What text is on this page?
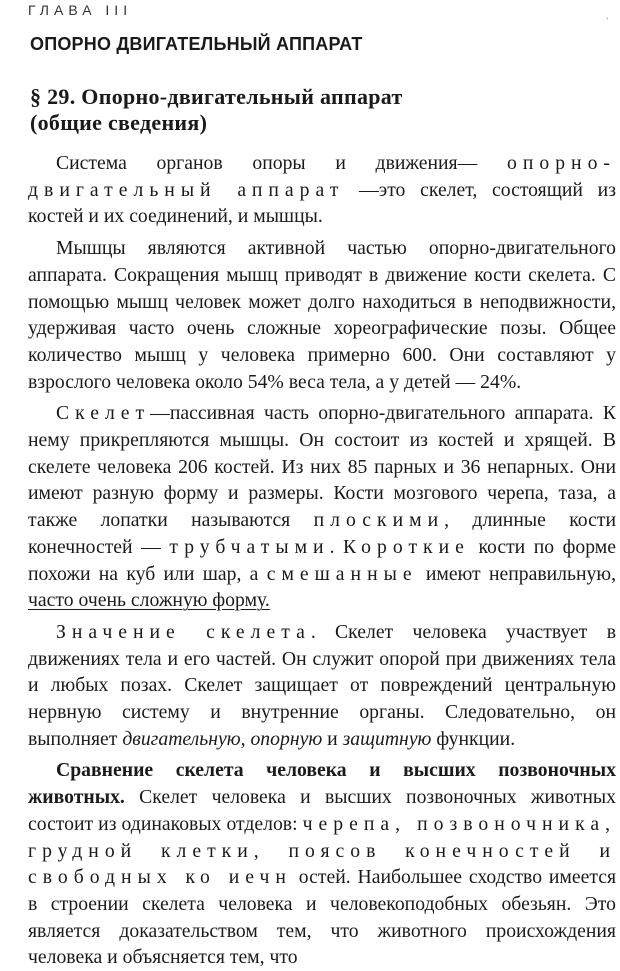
ГЛАВА III
'
ОПОРНО ДВИГАТЕЛЬНЫЙ АППАРАТ
§ 29. Опорно-двигательный аппарат
(общие сведения)

Система органов опоры и движения— опорно-двигательный аппарат —это скелет, состоящий из костей и их соединений, и мышцы.

Мышцы являются активной частью опорно-двигательного аппарата. Сокращения мышц приводят в движение кости скелета. С помощью мышц человек может долго находиться в неподвижности, удерживая часто очень сложные хореографические позы. Общее количество мышц у человека примерно 600. Они составляют у взрослого человека около 54% веса тела, а у детей — 24%.

Скелет—пассивная часть опорно-двигательного аппарата. К нему прикрепляются мышцы. Он состоит из костей и хрящей. В скелете человека 206 костей. Из них 85 парных и 36 непарных. Они имеют разную форму и размеры. Кости мозгового черепа, таза, а также лопатки называются плоскими, длинные кости конечностей — трубчатыми. Короткие кости по форме похожи на куб или шар, а смешанные имеют неправильную, часто очень сложную форму.

Значение скелета. Скелет человека участвует в движениях тела и его частей. Он служит опорой при движениях тела и любых позах. Скелет защищает от повреждений центральную нервную систему и внутренние органы. Следовательно, он выполняет двигательную, опорную и защитную функции.

Сравнение скелета человека и высших позвоночных животных. Скелет человека и высших позвоночных животных состоит из одинаковых отделов: черепа, позвоночника, грудной клетки, поясов конечностей и свободных ко иечн остей. Наибольшее сходство имеется в строении скелета человека и человекоподобных обезьян. Это является доказательством тем, что животного происхождения человека и объясняется тем, что
